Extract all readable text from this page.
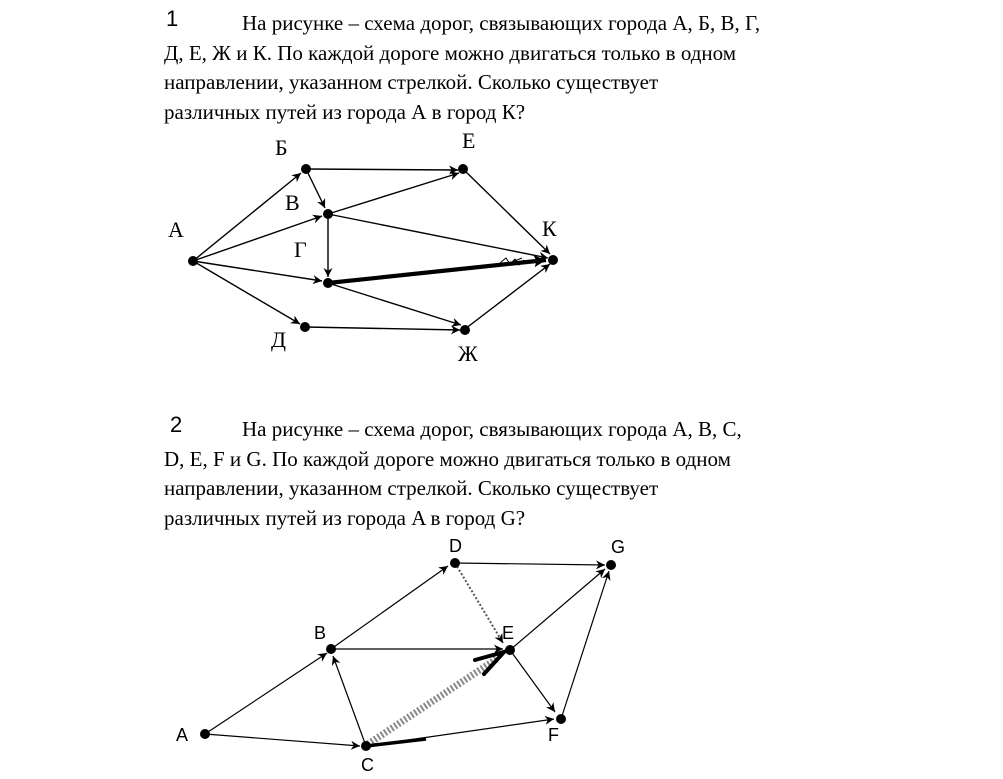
1	На рисунке – схема дорог, связывающих города А, Б, В, Г,
Д, Е, Ж и К. По каждой дороге можно двигаться только в одном
направлении, указанном стрелкой. Сколько существует
различных путей из города А в город К?
2	На рисунке – схема дорог, связывающих города A, B, C,
D, E, F и G. По каждой дороге можно двигаться только в одном
направлении, указанном стрелкой. Сколько существует
различных путей из города A в город G?
А
Б
В
Г
Д
Е
Ж
К
A
B
C
D
E
F
G
